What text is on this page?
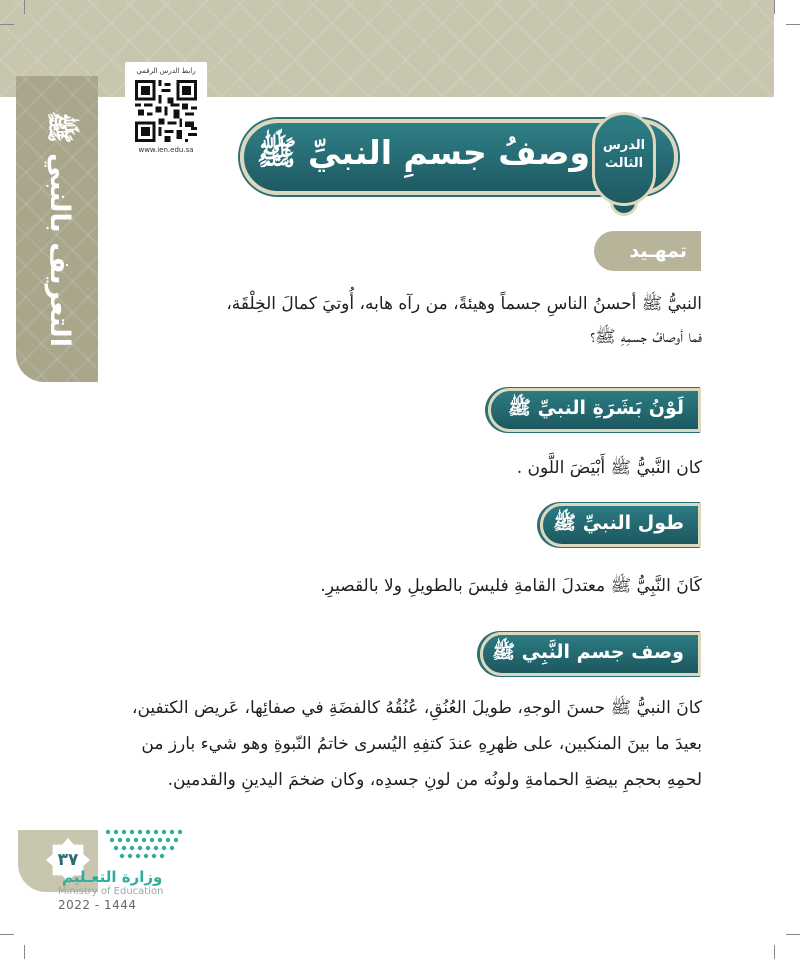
التعريف بالنبي ﷺ
رابط الدرس الرقمي
www.ien.edu.sa	وصفُ جسمِ النبيِّ ﷺ الدرس
الثالث
تمهـيد
النبيُّ ﷺ أحسنُ الناسِ جسماً وهيئةً، من رآه هابه، أُوتيَ كمالَ الخِلْقَة،
فما أوصافُ جسمِهِ ﷺ؟
لَوْنُ بَشَرَةِ النبيِّ ﷺ
كان النَّبيُّ ﷺ أَبْيَضَ اللَّون .
طول النبيِّ ﷺ
كَانَ النَّبِيُّ ﷺ معتدلَ القامةِ فليسَ بالطويلِ ولا بالقصيرِ.
وصف جسم النَّبِي ﷺ
كانَ النبيُّ ﷺ حسنَ الوجهِ، طويلَ العُنُقِ، عُنُقُهُ كالفضَةِ في صفائِها، عَريض الكتفين،
بعيدَ ما بينَ المنكبين، على ظهرِهِ عندَ كتفِهِ اليُسرى خاتمُ النّبوةِ وهو شيء بارز من
لحمِهِ بحجمِ بيضةِ الحمامةِ ولونُه من لونِ جسدِه، وكان ضخمَ اليدينِ والقدمين.
٣٧
وزارة التعـليم
Ministry of Education
2022 - 1444
